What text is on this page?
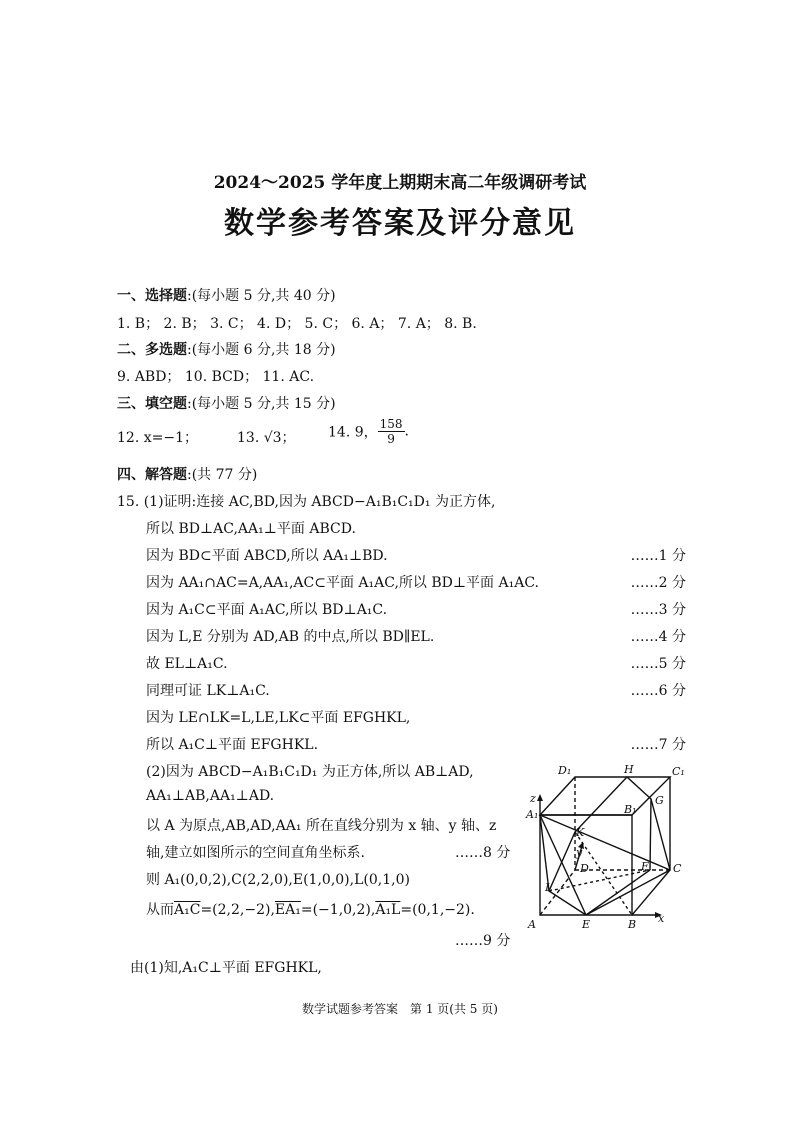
2024～2025 学年度上期期末高二年级调研考试
数学参考答案及评分意见
一、选择题:(每小题 5 分,共 40 分)
1. B； 2. B； 3. C； 4. D； 5. C； 6. A； 7. A； 8. B.
二、多选题:(每小题 6 分,共 18 分)
9. ABD； 10. BCD； 11. AC.
三、填空题:(每小题 5 分,共 15 分)
12. x=−1；	13. √3； 14. 9， $\frac{158}{9}$ .
四、解答题:(共 77 分)
15. (1)证明:连接 AC,BD,因为 ABCD−A₁B₁C₁D₁ 为正方体,
所以 BD⊥AC,AA₁⊥平面 ABCD.
因为 BD⊂平面 ABCD,所以 AA₁⊥BD.	……1 分
因为 AA₁∩AC=A,AA₁,AC⊂平面 A₁AC,所以 BD⊥平面 A₁AC.	……2 分
因为 A₁C⊂平面 A₁AC,所以 BD⊥A₁C.	……3 分
因为 L,E 分别为 AD,AB 的中点,所以 BD∥EL.	……4 分
故 EL⊥A₁C.	……5 分
同理可证 LK⊥A₁C.	……6 分
因为 LE∩LK=L,LE,LK⊂平面 EFGHKL,
所以 A₁C⊥平面 EFGHKL.	……7 分
(2)因为 ABCD−A₁B₁C₁D₁ 为正方体,所以 AB⊥AD,
AA₁⊥AB,AA₁⊥AD.
以 A 为原点,AB,AD,AA₁ 所在直线分别为 x 轴、y 轴、z
轴,建立如图所示的空间直角坐标系.	……8 分
则 A₁(0,0,2),C(2,2,0),E(1,0,0),L(0,1,0)
从而A₁C=(2,2,−2),EA₁=(−1,0,2),A₁L=(0,1,−2).
……9 分
由(1)知,A₁C⊥平面 EFGHKL,
D₁	H	C₁
z
A₁	B₁
G
K
y
D	F C
L
A	E	B x
数学试题参考答案　第 1 页(共 5 页)
